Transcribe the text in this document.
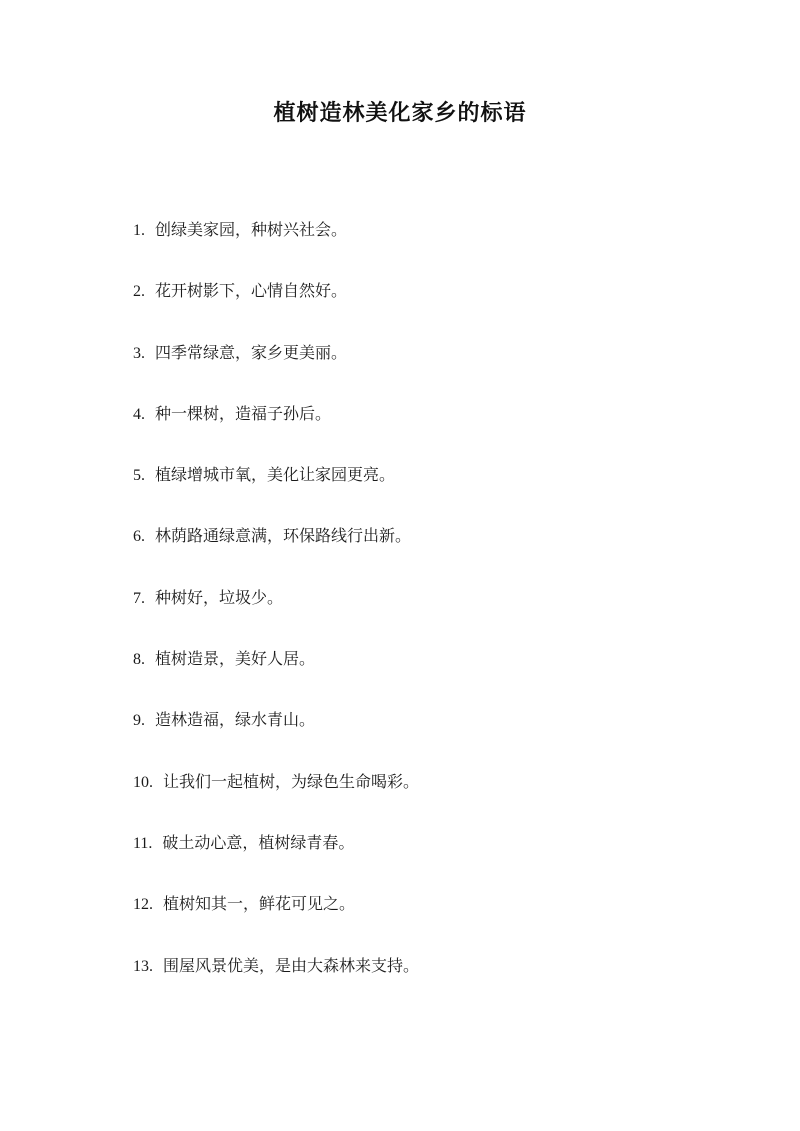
植树造林美化家乡的标语
1. 创绿美家园，种树兴社会。
2. 花开树影下，心情自然好。
3. 四季常绿意，家乡更美丽。
4. 种一棵树，造福子孙后。
5. 植绿增城市氧，美化让家园更亮。
6. 林荫路通绿意满，环保路线行出新。
7. 种树好，垃圾少。
8. 植树造景，美好人居。
9. 造林造福，绿水青山。
10. 让我们一起植树，为绿色生命喝彩。
11. 破土动心意，植树绿青春。
12. 植树知其一，鲜花可见之。
13. 围屋风景优美，是由大森林来支持。
